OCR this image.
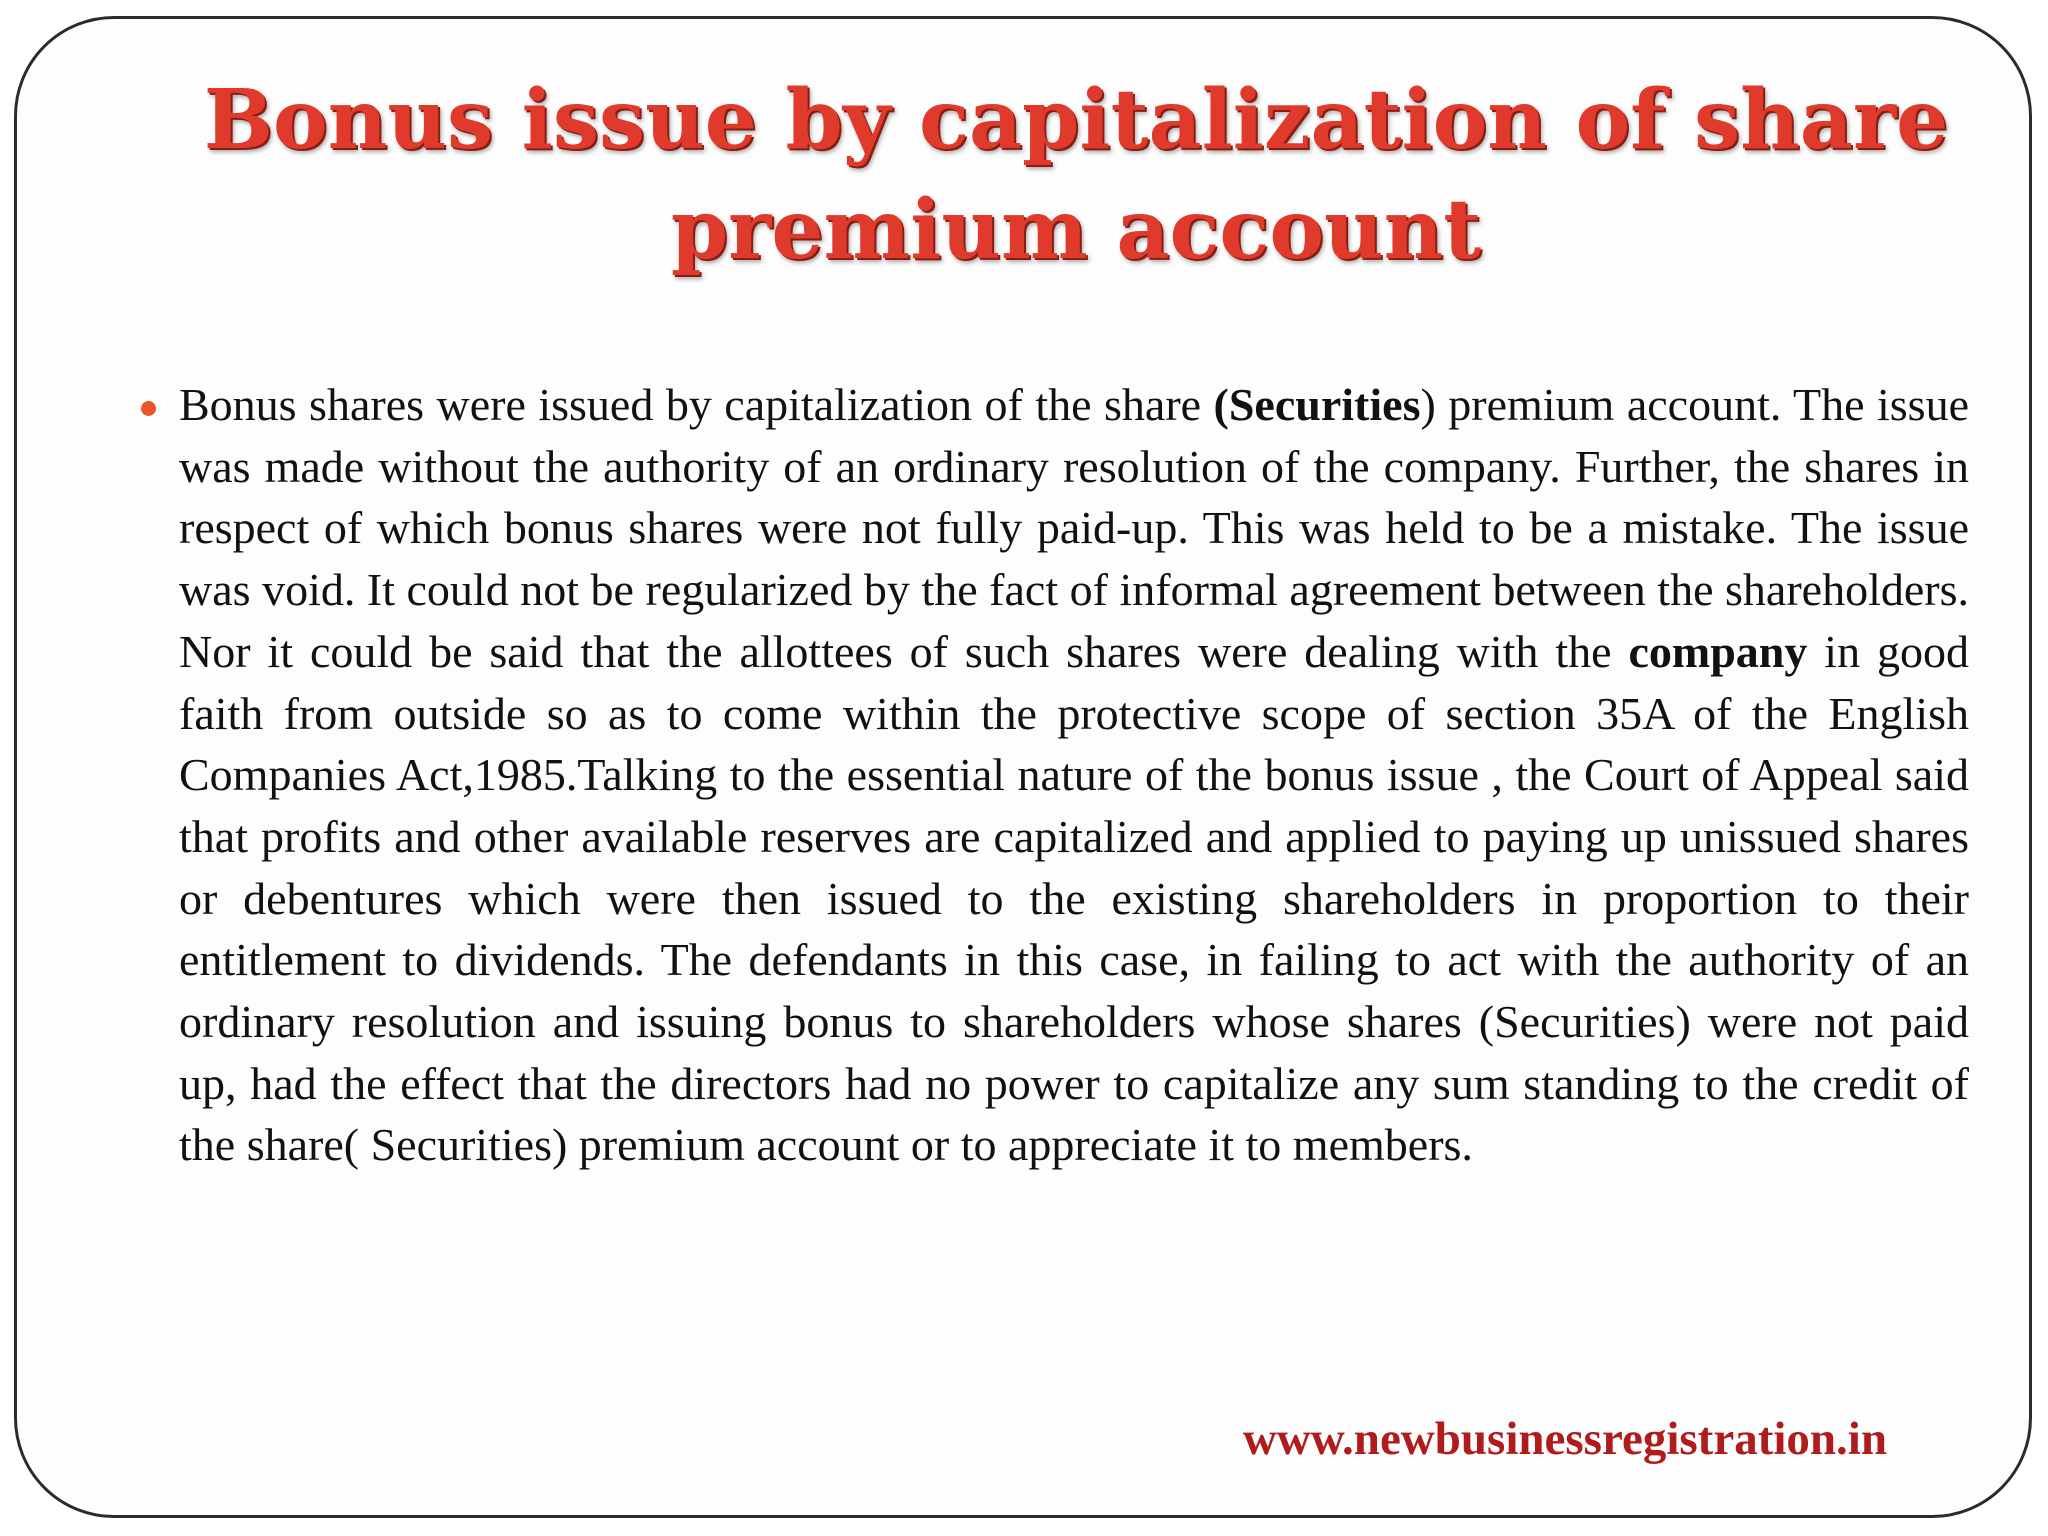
Bonus issue by capitalization of share premium account

Bonus shares were issued by capitalization of the share (Securities) premium account. The issue was made without the authority of an ordinary resolution of the company. Further, the shares in respect of which bonus shares were not fully paid-up. This was held to be a mistake. The issue was void. It could not be regularized by the fact of informal agreement between the shareholders. Nor it could be said that the allottees of such shares were dealing with the company in good faith from outside so as to come within the protective scope of section 35A of the English Companies Act,1985.Talking to the essential nature of the bonus issue , the Court of Appeal said that profits and other available reserves are capitalized and applied to paying up unissued shares or debentures which were then issued to the existing shareholders in proportion to their entitlement to dividends. The defendants in this case, in failing to act with the authority of an ordinary resolution and issuing bonus to shareholders whose shares (Securities) were not paid up, had the effect that the directors had no power to capitalize any sum standing to the credit of the share( Securities) premium account or to appreciate it to members.

www.newbusinessregistration.in
